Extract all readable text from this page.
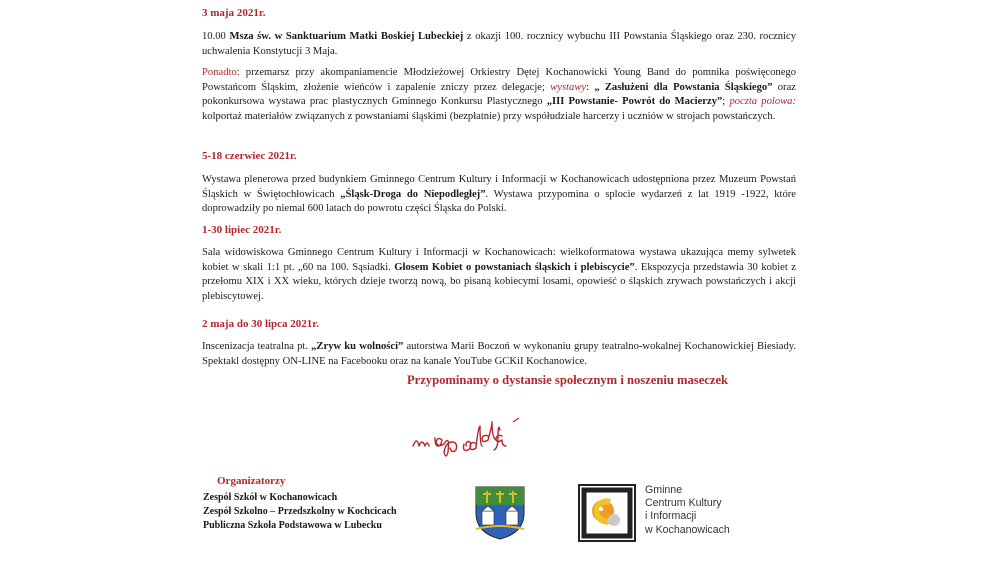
3 maja 2021r.
10.00 Msza św. w Sanktuarium Matki Boskiej Lubeckiej z okazji 100. rocznicy wybuchu III Powstania Śląskiego oraz 230. rocznicy uchwalenia Konstytucji 3 Maja.
Ponadto: przemarsz przy akompaniamencie Młodzieżowej Orkiestry Dętej Kochanowicki Young Band do pomnika poświęconego Powstańcom Śląskim, złożenie wieńców i zapalenie zniczy przez delegacje; wystawy: „ Zasłużeni dla Powstania Śląskiego” oraz pokonkursowa wystawa prac plastycznych Gminnego Konkursu Plastycznego „III Powstanie- Powrót do Macierzy”; poczta polowa: kolportaż materiałów związanych z powstaniami śląskimi (bezpłatnie) przy współudziale harcerzy i uczniów w strojach powstańczych.
5-18 czerwiec 2021r.
Wystawa plenerowa przed budynkiem Gminnego Centrum Kultury i Informacji w Kochanowicach udostępniona przez Muzeum Powstań Śląskich w Świętochłowicach „Śląsk-Droga do Niepodległej”. Wystawa przypomina o splocie wydarzeń z lat 1919 -1922, które doprowadziły po niemal 600 latach do powrotu części Śląska do Polski.
1-30 lipiec 2021r.
Sala widowiskowa Gminnego Centrum Kultury i Informacji w Kochanowicach: wielkoformatowa wystawa ukazująca memy sylwetek kobiet w skali 1:1 pt. „60 na 100. Sąsiadki. Głosem Kobiet o powstaniach śląskich i plebiscycie”. Ekspozycja przedstawia 30 kobiet z przełomu XIX i XX wieku, których dzieje tworzą nową, bo pisaną kobiecymi losami, opowieść o śląskich zrywach powstańczych i akcji plebiscytowej.
2 maja do 30 lipca 2021r.
Inscenizacja teatralna pt. „Zryw ku wolności” autorstwa Marii Boczoń w wykonaniu grupy teatralno-wokalnej Kochanowickiej Biesiady. Spektakl dostępny ON-LINE na Facebooku oraz na kanale YouTube GCKiI Kochanowice.
Przypominamy o dystansie społecznym i noszeniu maseczek
Organizatorzy
Zespół Szkół w Kochanowicach
Zespół Szkolno – Przedszkolny w Kochcicach
Publiczna Szkoła Podstawowa w Lubecku
Gminne
Centrum Kultury
i Informacji
w Kochanowicach
